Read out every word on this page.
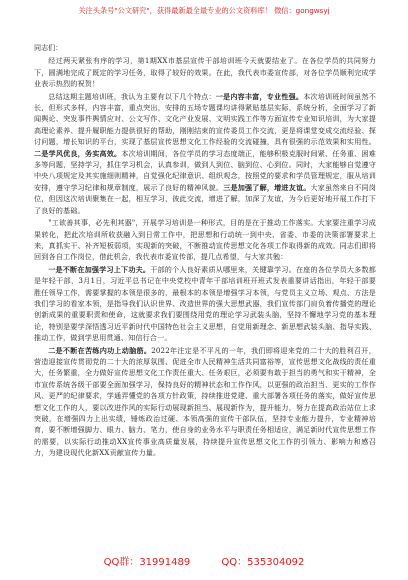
关注头条号"公文研究"，获得最新最全最专业的公文资料库！ 微信：gongwsyj
同志们：

经过两天紧张有序的学习，第1期XX市基层宣传干部培训班今天就要结业了。在各位学员的共同努力下，圆满地完成了既定的学习任务，取得了较好的效果。在此，我代表市委宣传部，对各位学员顺利完成学业表示热烈的祝贺！

总结这期主题培训班，我认为主要有以下几个特点：一是内容丰富，专业性强。本次培训班时间虽然不长，但形式多样，内容丰富，重点突出，安排的五场专题课均讲得紧贴基层实际，系统分析，全面学习了新闻舆论、突发事件舆情应对、公文写作、文化产业发展、文明实践工作等方面宣传专业知识培训，为大家提高理论素养、提升履职能力提供很好的帮助，刚刚结束的宣传委员工作交流，更是将课堂变成交流经验、探讨问题，增长知识的平台，实现了基层宣传思想文化工作经验的交流碰撞，具有很强的示范效果和实用性。二是学风优良，务实高效。本次培训期间，各位学员的学习态度端正，能够积极克服时间紧、任务重、困难多等问题，坚持学习，抓住学习机会，认真参训，做到人到位、脑到位、心到位。同时，大家能够自觉遵守中央八项规定及其实施细则精神，自觉强化纪律意识、组织观念，按照党的要求和学员管理规定，服从培训安排，遵守学习纪律和规章制度，展示了良好的精神风貌。三是加强了解，增进友谊。大家虽然来自不同岗位，但因这次培训聚集在一起，相互学习，彼此交流，增进了解，加深了友谊，为今后更好地开展工作打下了良好的基础。

"工欲善其事，必先利其器"，开展学习培训是一种形式，目的是在于推动工作落实。大家要注重学习成果转化，把此次培训所收获融入到日常工作中，把思想和行动统一到中央、省委、市委的决策部署要求上来，真抓实干、补齐短板弱项，实现新的突破，不断推动宣传思想文化各项工作取得新的成效。同志们即将回到各自工作岗位，借此机会，我代表市委宣传部，提几点希望，与大家共勉：

一是不断在加强学习上下功夫。干部的个人良好素质从哪里来，关键靠学习。在座的各位学员大多数都是年轻干部，3月1日，习近平总书记在中央党校中青年干部培训班开班式发表重要讲话指出，年轻干部要胜任领导工作，需要掌握的本领是很多的，最根本的本领是增强学习本领，与党员主义立场、观点、方法是我们学习的看家本领，是指导我们认识世界、改造世界的强大思想武器，我们宣传部门肩负着传播党的理论创新成果的重要职责和使命，这就要求我们要围绕用党的理论学习武装头脑，坚持不懈地学习党的基本理论，特别是要学深悟透习近平新时代中国特色社会主义思想，自觉用新理念、新思想武装头脑、指导实践、推动工作，做到学思用贯通、知信行合一。

二是不断在苦练内功上动脑筋。2022年注定是不平凡的一年，我们即将迎来党的二十大的胜利召开，营造迎接宣传贯彻党的二十大的浓厚氛围、促进全市人民精神生活共同富裕等，宣传思想文化战线的责任重大，任务繁重，全力做好宣传思想文化工作责任重大、任务艰巨，必须要有敢于担当的勇气和实干精神，全市宣传系统各级干部要全面加强学习，保持良好的精神状态和工作作风，以更强的政治担当、更实的工作作风、更严的纪律要求，学通弄懂党的各项方针政策，持续推进党建、重大部署各项任务的落实，做好宣传思想文化工作的人，要以改进作风的实际行动展现新担当、展现新作为，提升能力，努力在提高政治站位上求突破，在增强四力上出实绩，锤炼政治过硬、本领高强的宣传干部队伍，坚持专业能力提升，专业精神培育，要不断增强脚力、眼力、脑力、笔力，使自身的业务水平与职责任务相适应，满足新时代宣传思想工作的需要，以实际行动推动XX宣传事业高质量发展，持续提升宣传思想文化工作的引领力、影响力和感召力，为建设现代化新XX贡献宣传力量。

QQ群：31991489	QQ：535304092
